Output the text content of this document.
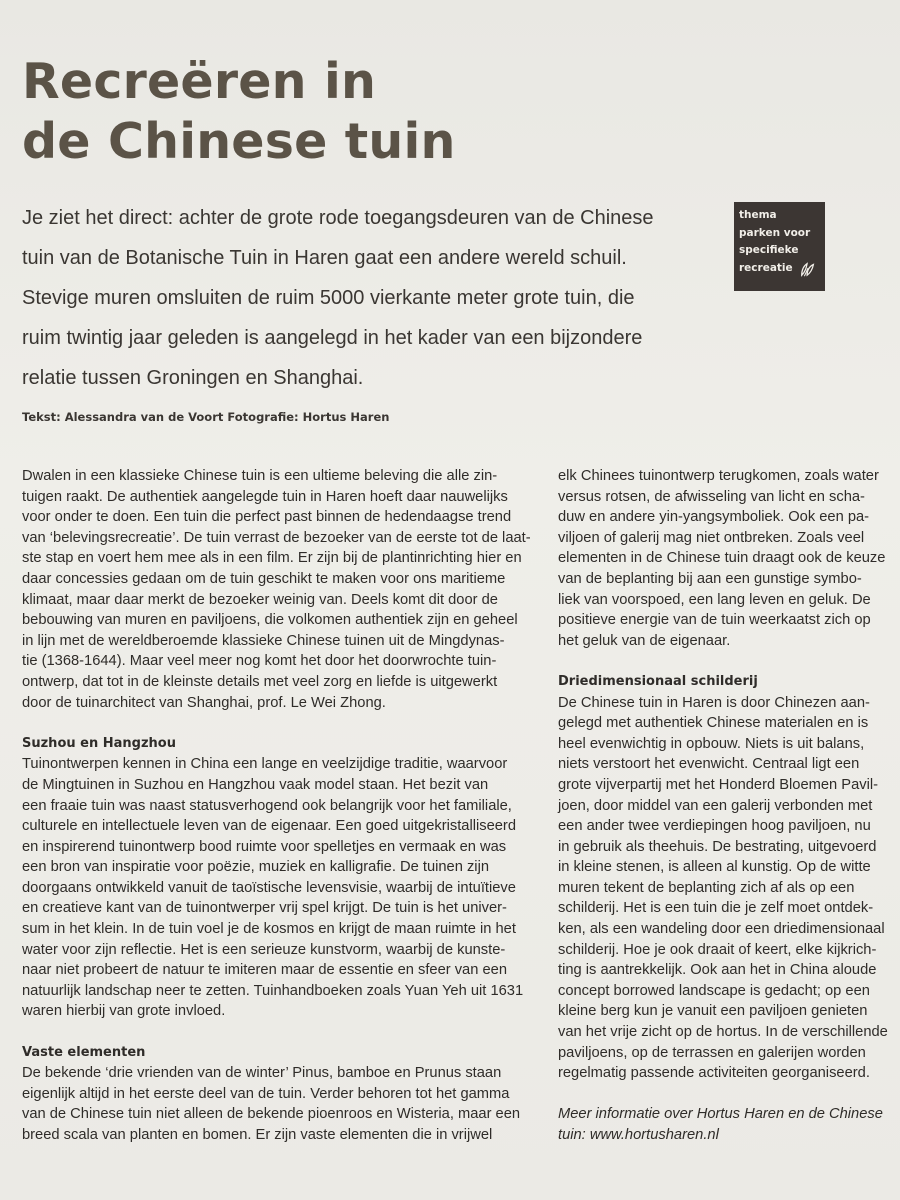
Recreëren in
de Chinese tuin
Je ziet het direct: achter de grote rode toegangsdeuren van de Chinese
tuin van de Botanische Tuin in Haren gaat een andere wereld schuil.
Stevige muren omsluiten de ruim 5000 vierkante meter grote tuin, die
ruim twintig jaar geleden is aangelegd in het kader van een bijzondere
relatie tussen Groningen en Shanghai.
thema
parken voor
specifieke
recreatie
Tekst: Alessandra van de Voort Fotografie: Hortus Haren
Dwalen in een klassieke Chinese tuin is een ultieme beleving die alle zin-
tuigen raakt. De authentiek aangelegde tuin in Haren hoeft daar nauwelijks
voor onder te doen. Een tuin die perfect past binnen de hedendaagse trend
van ‘belevingsrecreatie’. De tuin verrast de bezoeker van de eerste tot de laat-
ste stap en voert hem mee als in een film. Er zijn bij de plantinrichting hier en
daar concessies gedaan om de tuin geschikt te maken voor ons maritieme
klimaat, maar daar merkt de bezoeker weinig van. Deels komt dit door de
bebouwing van muren en paviljoens, die volkomen authentiek zijn en geheel
in lijn met de wereldberoemde klassieke Chinese tuinen uit de Mingdynas-
tie (1368-1644). Maar veel meer nog komt het door het doorwrochte tuin-
ontwerp, dat tot in de kleinste details met veel zorg en liefde is uitgewerkt
door de tuinarchitect van Shanghai, prof. Le Wei Zhong.
Suzhou en Hangzhou
Tuinontwerpen kennen in China een lange en veelzijdige traditie, waarvoor
de Mingtuinen in Suzhou en Hangzhou vaak model staan. Het bezit van
een fraaie tuin was naast statusverhogend ook belangrijk voor het familiale,
culturele en intellectuele leven van de eigenaar. Een goed uitgekristalliseerd
en inspirerend tuinontwerp bood ruimte voor spelletjes en vermaak en was
een bron van inspiratie voor poëzie, muziek en kalligrafie. De tuinen zijn
doorgaans ontwikkeld vanuit de taoïstische levensvisie, waarbij de intuïtieve
en creatieve kant van de tuinontwerper vrij spel krijgt. De tuin is het univer-
sum in het klein. In de tuin voel je de kosmos en krijgt de maan ruimte in het
water voor zijn reflectie. Het is een serieuze kunstvorm, waarbij de kunste-
naar niet probeert de natuur te imiteren maar de essentie en sfeer van een
natuurlijk landschap neer te zetten. Tuinhandboeken zoals Yuan Yeh uit 1631
waren hierbij van grote invloed.
Vaste elementen
De bekende ‘drie vrienden van de winter’ Pinus, bamboe en Prunus staan
eigenlijk altijd in het eerste deel van de tuin. Verder behoren tot het gamma
van de Chinese tuin niet alleen de bekende pioenroos en Wisteria, maar een
breed scala van planten en bomen. Er zijn vaste elementen die in vrijwel
elk Chinees tuinontwerp terugkomen, zoals water
versus rotsen, de afwisseling van licht en scha-
duw en andere yin-yangsymboliek. Ook een pa-
viljoen of galerij mag niet ontbreken. Zoals veel
elementen in de Chinese tuin draagt ook de keuze
van de beplanting bij aan een gunstige symbo-
liek van voorspoed, een lang leven en geluk. De
positieve energie van de tuin weerkaatst zich op
het geluk van de eigenaar.
Driedimensionaal schilderij
De Chinese tuin in Haren is door Chinezen aan-
gelegd met authentiek Chinese materialen en is
heel evenwichtig in opbouw. Niets is uit balans,
niets verstoort het evenwicht. Centraal ligt een
grote vijverpartij met het Honderd Bloemen Pavil-
joen, door middel van een galerij verbonden met
een ander twee verdiepingen hoog paviljoen, nu
in gebruik als theehuis. De bestrating, uitgevoerd
in kleine stenen, is alleen al kunstig. Op de witte
muren tekent de beplanting zich af als op een
schilderij. Het is een tuin die je zelf moet ontdek-
ken, als een wandeling door een driedimensionaal
schilderij. Hoe je ook draait of keert, elke kijkrich-
ting is aantrekkelijk. Ook aan het in China aloude
concept borrowed landscape is gedacht; op een
kleine berg kun je vanuit een paviljoen genieten
van het vrije zicht op de hortus. In de verschillende
paviljoens, op de terrassen en galerijen worden
regelmatig passende activiteiten georganiseerd.
Meer informatie over Hortus Haren en de Chinese
tuin: www.hortusharen.nl
